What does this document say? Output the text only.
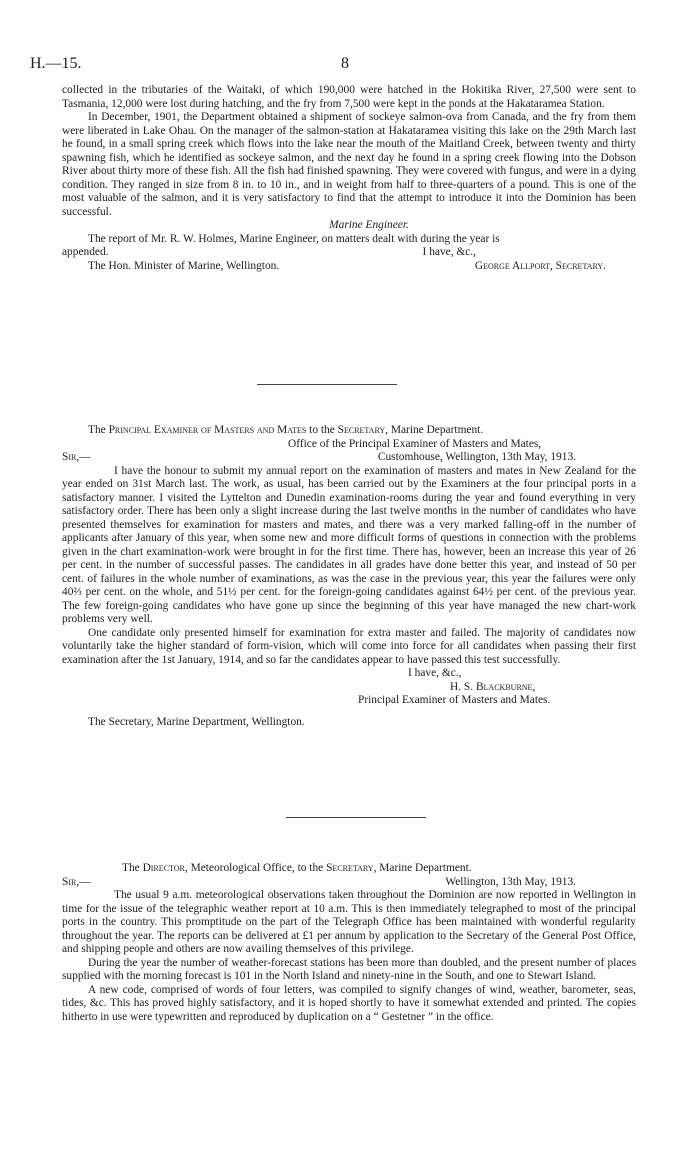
H.—15.	8

collected in the tributaries of the Waitaki, of which 190,000 were hatched in the Hokitika River, 27,500 were sent to Tasmania, 12,000 were lost during hatching, and the fry from 7,500 were kept in the ponds at the Hakataramea Station.

In December, 1901, the Department obtained a shipment of sockeye salmon-ova from Canada, and the fry from them were liberated in Lake Ohau. On the manager of the salmon-station at Hakataramea visiting this lake on the 29th March last he found, in a small spring creek which flows into the lake near the mouth of the Maitland Creek, between twenty and thirty spawning fish, which he identified as sockeye salmon, and the next day he found in a spring creek flowing into the Dobson River about thirty more of these fish. All the fish had finished spawning. They were covered with fungus, and were in a dying condition. They ranged in size from 8 in. to 10 in., and in weight from half to three-quarters of a pound. This is one of the most valuable of the salmon, and it is very satisfactory to find that the attempt to introduce it into the Dominion has been successful.

Marine Engineer.

The report of Mr. R. W. Holmes, Marine Engineer, on matters dealt with during the year is

appended.	I have, &c.,
The Hon. Minister of Marine, Wellington.	George Allport, Secretary.

The Principal Examiner of Masters and Mates to the Secretary, Marine Department.

Office of the Principal Examiner of Masters and Mates,

Sir,—	Customhouse, Wellington, 13th May, 1913.

I have the honour to submit my annual report on the examination of masters and mates in New Zealand for the year ended on 31st March last. The work, as usual, has been carried out by the Examiners at the four principal ports in a satisfactory manner. I visited the Lyttelton and Dunedin examination-rooms during the year and found everything in very satisfactory order. There has been only a slight increase during the last twelve months in the number of candidates who have presented themselves for examination for masters and mates, and there was a very marked falling-off in the number of applicants after January of this year, when some new and more difficult forms of questions in connection with the problems given in the chart examination-work were brought in for the first time. There has, however, been an increase this year of 26 per cent. in the number of successful passes. The candidates in all grades have done better this year, and instead of 50 per cent. of failures in the whole number of examinations, as was the case in the previous year, this year the failures were only 40⅔ per cent. on the whole, and 51½ per cent. for the foreign-going candidates against 64½ per cent. of the previous year. The few foreign-going candidates who have gone up since the beginning of this year have managed the new chart-work problems very well.

One candidate only presented himself for examination for extra master and failed. The majority of candidates now voluntarily take the higher standard of form-vision, which will come into force for all candidates when passing their first examination after the 1st January, 1914, and so far the candidates appear to have passed this test successfully.

I have, &c.,

H. S. Blackburne,

Principal Examiner of Masters and Mates.

The Secretary, Marine Department, Wellington.

The Director, Meteorological Office, to the Secretary, Marine Department.

Sir,—	Wellington, 13th May, 1913.

The usual 9 a.m. meteorological observations taken throughout the Dominion are now reported in Wellington in time for the issue of the telegraphic weather report at 10 a.m. This is then immediately telegraphed to most of the principal ports in the country. This promptitude on the part of the Telegraph Office has been maintained with wonderful regularity throughout the year. The reports can be delivered at £1 per annum by application to the Secretary of the General Post Office, and shipping people and others are now availing themselves of this privilege.

During the year the number of weather-forecast stations has been more than doubled, and the present number of places supplied with the morning forecast is 101 in the North Island and ninety-nine in the South, and one to Stewart Island.

A new code, comprised of words of four letters, was compiled to signify changes of wind, weather, barometer, seas, tides, &c. This has proved highly satisfactory, and it is hoped shortly to have it somewhat extended and printed. The copies hitherto in use were typewritten and reproduced by duplication on a “ Gestetner ” in the office.
